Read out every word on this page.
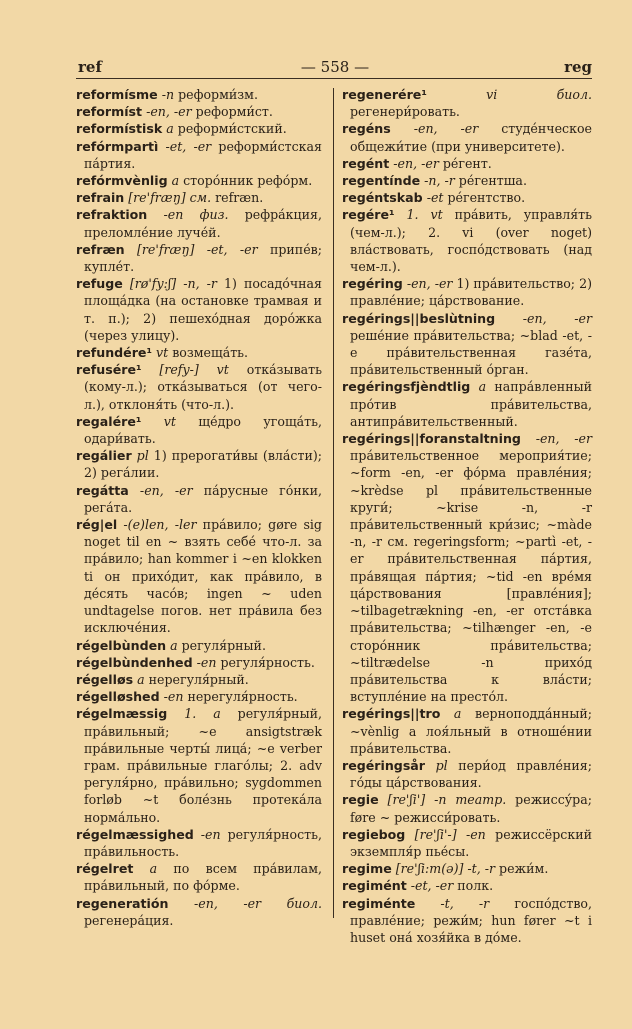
ref	— 558 —	reg

reformísme -n реформи́зм.

reformíst -en, -er реформи́ст.

reformístisk a реформи́стский.

refórmpartì -et, -er реформи́стская па́ртия.

refórmvènlig a сторо́нник рефо́рм.

refrain [re'fræŋ] см. refræn.

refraktion -en физ. рефра́кция, преломле́ние луче́й.

refræn [re'fræŋ] -et, -er припе́в; купле́т.

refuge [rø'fy:ʃ] -n, -r 1) посадо́чная площа́дка (на остановке трамвая и т. п.); 2) пешехо́дная доро́жка (через улицу).

refundére¹ vt возмеща́ть.

refusére¹ [refy-] vt отка́зывать (кому-л.); отка́зываться (от чего-л.), отклоня́ть (что-л.).

regalére¹ vt ще́дро угоща́ть, одари́вать.

regálier pl 1) прерогати́вы (вла́сти); 2) рега́лии.

regátta -en, -er па́русные го́нки, рега́та.

rég|el -(e)len, -ler пра́вило; gøre sig noget til en ~ взять себе́ что-л. за пра́вило; han kommer i ~en klokken ti он прихо́дит, как пра́вило, в де́сять часо́в; ingen ~ uden undtagelse погов. нет пра́вила без исключе́ния.

régelbùnden a регуля́рный.

régelbùndenhed -en регуля́рность.

régelløs a нерегуля́рный.

régelløshed -en нерегуля́рность.

régelmæssig 1. a регуля́рный, пра́вильный; ~e ansigtstræk пра́вильные черты́ лица́; ~e verber грам. пра́вильные глаго́лы; 2. adv регуля́рно, пра́вильно; sygdommen forløb ~t боле́знь протека́ла норма́льно.

régelmæssighed -en регуля́рность, пра́вильность.

régelret a по всем пра́вилам, пра́вильный, по фо́рме.

regeneratión -en, -er биол. регенера́ция.

regenerére¹ vi биол. регенери́ровать.

regéns -en, -er студе́нческое общежи́тие (при университете).

regént -en, -er ре́гент.

regentínde -n, -r ре́гентша.

regéntskab -et ре́гентство.

regére¹ 1. vt пра́вить, управля́ть (чем-л.); 2. vi (over noget) вла́ствовать, госпо́дствовать (над чем-л.).

regéring -en, -er 1) пра́вительство; 2) правле́ние; ца́рствование.

regérings||beslùtning -en, -er реше́ние пра́вительства; ~blad -et, -e пра́вительственная газе́та, пра́вительственный о́рган.

regéringsfjèndtlig a напра́вленный про́тив пра́вительства, антипра́вительственный.

regérings||foranstaltning -en, -er пра́вительственное мероприя́тие; ~form -en, -er фо́рма правле́ния; ~krèdse pl пра́вительственные круги́; ~krise -n, -r пра́вительственный кри́зис; ~màde -n, -r см. regeringsform; ~partì -et, -er пра́вительственная па́ртия, пра́вящая па́ртия; ~tid -en вре́мя ца́рствования [правле́ния]; ~tilbagetrækning -en, -er отста́вка пра́вительства; ~tilhænger -en, -e сторо́нник пра́вительства; ~tiltrædelse -n прихо́д пра́вительства к вла́сти; вступле́ние на престо́л.

regérings||tro a верноподда́нный; ~vènlig a лоя́льный в отноше́нии пра́вительства.

regéringsår pl пери́од правле́ния; го́ды ца́рствования.

regie [re'ʃi'] -n театр. режиссу́ра; føre ~ режисси́ровать.

regiebog [re'ʃi'-] -en режиссёрский экземпля́р пье́сы.

regime [re'ʃi:m(ə)] -t, -r режи́м.

regimént -et, -er полк.

regiménte -t, -r госпо́дство, правле́ние; режи́м; hun fører ~t i huset она́ хозя́йка в до́ме.
